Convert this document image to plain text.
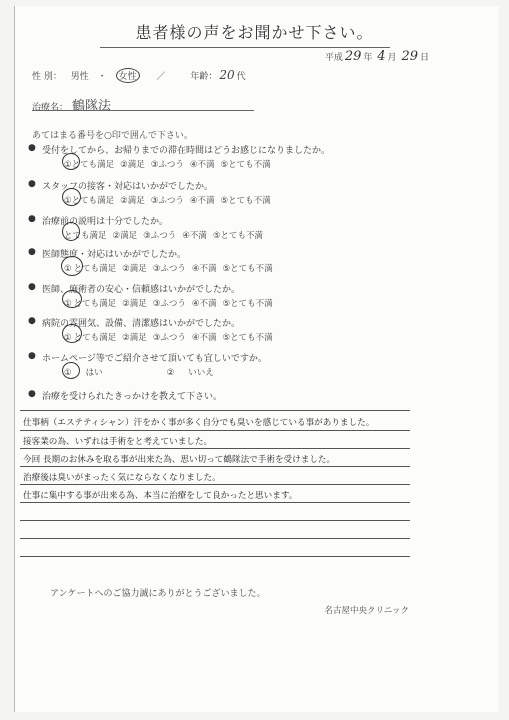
患者様の声をお聞かせ下さい。
平成 29 年 4 月 29 日
性 別： 男性 ・ 女性 ／	年齢： 20 代
治療名： 鶴隊法
あてはまる番号を○印で囲んで下さい。
● 受付をしてから、お帰りまでの滞在時間はどうお感じになりましたか。
①とても満足 ②満足 ③ふつう ④不満 ⑤とても不満
● スタッフの接客・対応はいかがでしたか。
①とても満足 ②満足 ③ふつう ④不満 ⑤とても不満
● 治療前の説明は十分でしたか。
とても満足 ②満足 ③ふつう ④不満 ⑤とても不満
● 医師態度・対応はいかがでしたか。
① とても満足 ②満足 ③ふつう ④不満 ⑤とても不満
● 医師、施術者の安心・信頼感はいかがでしたか。
① とても満足 ②満足 ③ふつう ④不満 ⑤とても不満
● 病院の雰囲気、設備、清潔感はいかがでしたか。
① とても満足 ②満足 ③ふつう ④不満 ⑤とても不満
● ホームページ等でご紹介させて頂いても宜しいですか。
① はい	② いいえ
● 治療を受けられたきっかけを教えて下さい。
仕事柄（エステティシャン）汗をかく事が多く自分でも臭いを感じている事がありました。
接客業の為、いずれは手術をと考えていました。
今回 長期のお休みを取る事が出来た為、思い切って鶴隊法で手術を受けました。
治療後は臭いがまったく気にならなくなりました。
仕事に集中する事が出来る為、本当に治療をして良かったと思います。
アンケートへのご協力誠にありがとうございました。
名古屋中央クリニック
